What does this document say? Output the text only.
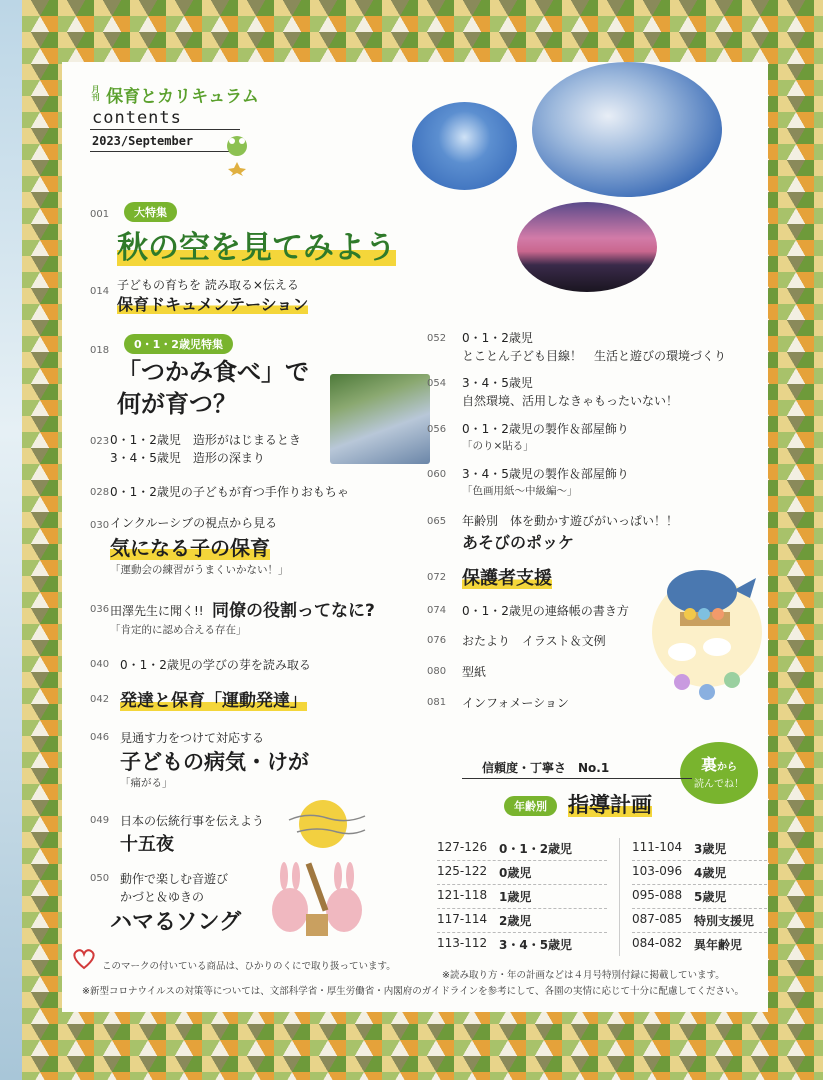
月刊 保育とカリキュラム
contents
2023/September
001	大特集
秋の空を見てみよう
014 子どもの育ちを 読み取る×伝える
保育ドキュメンテーション
018	0・1・2歳児特集
「つかみ食べ」で
何が育つ？
023 0・1・2歳児　造形がはじまるとき
3・4・5歳児　造形の深まり
028 0・1・2歳児の子どもが育つ手作りおもちゃ
030 インクルーシブの視点から見る
気になる子の保育
「運動会の練習がうまくいかない！」
036 田澤先生に聞く!! 同僚の役割ってなに?
「肯定的に認め合える存在」
040 0・1・2歳児の学びの芽を読み取る
042 発達と保育「運動発達」
046 見通す力をつけて対応する
子どもの病気・けが
「痛がる」
049 日本の伝統行事を伝えよう
十五夜
050 動作で楽しむ音遊び
かづと＆ゆきの
ハマるソング
052 0・1・2歳児
とことん子ども目線！　生活と遊びの環境づくり
054 3・4・5歳児
自然環境、活用しなきゃもったいない！
056 0・1・2歳児の製作＆部屋飾り
「のり×貼る」
060 3・4・5歳児の製作＆部屋飾り
「色画用紙〜中級編〜」
065 年齢別　体を動かす遊びがいっぱい！！
あそびのポッケ
072 保護者支援
074 0・1・2歳児の連絡帳の書き方
076 おたより　イラスト＆文例
080 型紙
081 インフォメーション
裏から
読んでね！
信頼度・丁寧さ　No.1
年齢別	指導計画
127-126 0・1・2歳児
125-122 0歳児
121-118 1歳児
117-114 2歳児
113-112 3・4・5歳児
111-104 3歳児
103-096 4歳児
095-088 5歳児
087-085 特別支援児
084-082 異年齢児
このマークの付いている商品は、ひかりのくにで取り扱っています。
※読み取り方・年の計画などは４月号特別付録に掲載しています。
※新型コロナウイルスの対策等については、文部科学省・厚生労働省・内閣府のガイドラインを参考にして、各園の実情に応じて十分に配慮してください。
